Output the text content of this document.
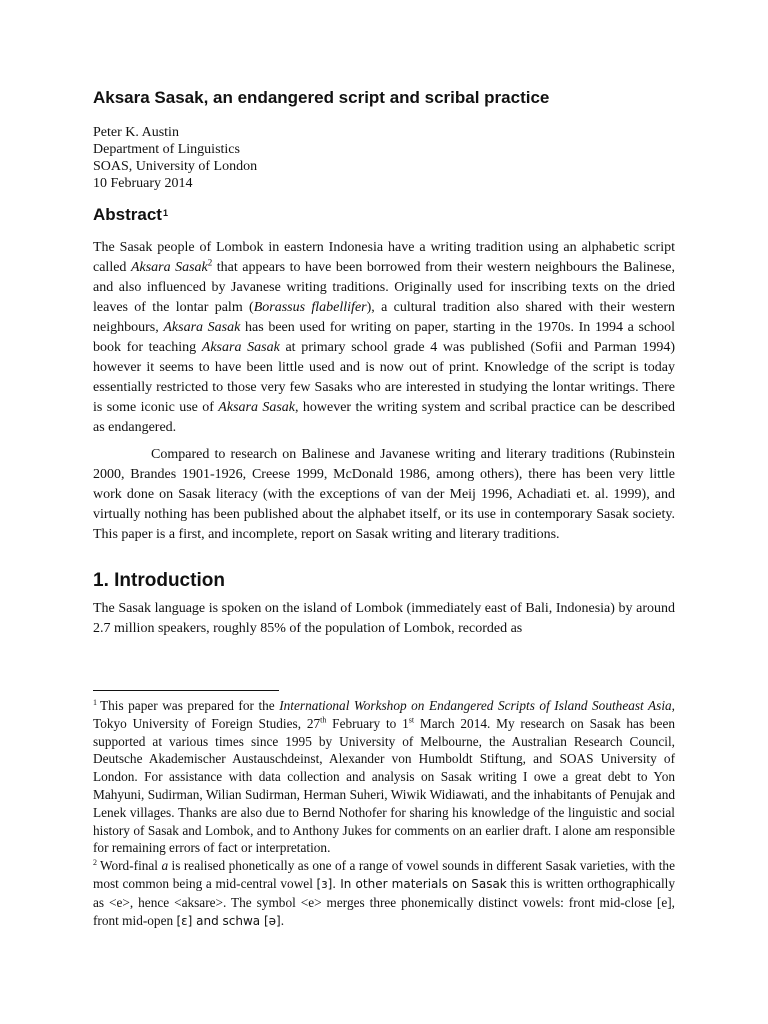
Aksara Sasak, an endangered script and scribal practice
Peter K. Austin
Department of Linguistics
SOAS, University of London
10 February 2014
Abstract$^1$
The Sasak people of Lombok in eastern Indonesia have a writing tradition using an alphabetic script called Aksara Sasak$^2$ that appears to have been borrowed from their western neighbours the Balinese, and also influenced by Javanese writing traditions. Originally used for inscribing texts on the dried leaves of the lontar palm (Borassus flabellifer), a cultural tradition also shared with their western neighbours, Aksara Sasak has been used for writing on paper, starting in the 1970s. In 1994 a school book for teaching Aksara Sasak at primary school grade 4 was published (Sofii and Parman 1994) however it seems to have been little used and is now out of print. Knowledge of the script is today essentially restricted to those very few Sasaks who are interested in studying the lontar writings. There is some iconic use of Aksara Sasak, however the writing system and scribal practice can be described as endangered.
Compared to research on Balinese and Javanese writing and literary traditions (Rubinstein 2000, Brandes 1901-1926, Creese 1999, McDonald 1986, among others), there has been very little work done on Sasak literacy (with the exceptions of van der Meij 1996, Achadiati et. al. 1999), and virtually nothing has been published about the alphabet itself, or its use in contemporary Sasak society. This paper is a first, and incomplete, report on Sasak writing and literary traditions.
1. Introduction
The Sasak language is spoken on the island of Lombok (immediately east of Bali, Indonesia) by around 2.7 million speakers, roughly 85% of the population of Lombok, recorded as

$^1$ This paper was prepared for the International Workshop on Endangered Scripts of Island Southeast Asia, Tokyo University of Foreign Studies, 27th February to 1st March 2014. My research on Sasak has been supported at various times since 1995 by University of Melbourne, the Australian Research Council, Deutsche Akademischer Austauschdeinst, Alexander von Humboldt Stiftung, and SOAS University of London. For assistance with data collection and analysis on Sasak writing I owe a great debt to Yon Mahyuni, Sudirman, Wilian Sudirman, Herman Suheri, Wiwik Widiawati, and the inhabitants of Penujak and Lenek villages. Thanks are also due to Bernd Nothofer for sharing his knowledge of the linguistic and social history of Sasak and Lombok, and to Anthony Jukes for comments on an earlier draft. I alone am responsible for remaining errors of fact or interpretation.

$^2$ Word-final a is realised phonetically as one of a range of vowel sounds in different Sasak varieties, with the most common being a mid-central vowel [ɜ]. In other materials on Sasak this is written orthographically as <e>, hence <aksare>. The symbol <e> merges three phonemically distinct vowels: front mid-close [e], front mid-open [ɛ] and schwa [ə].
